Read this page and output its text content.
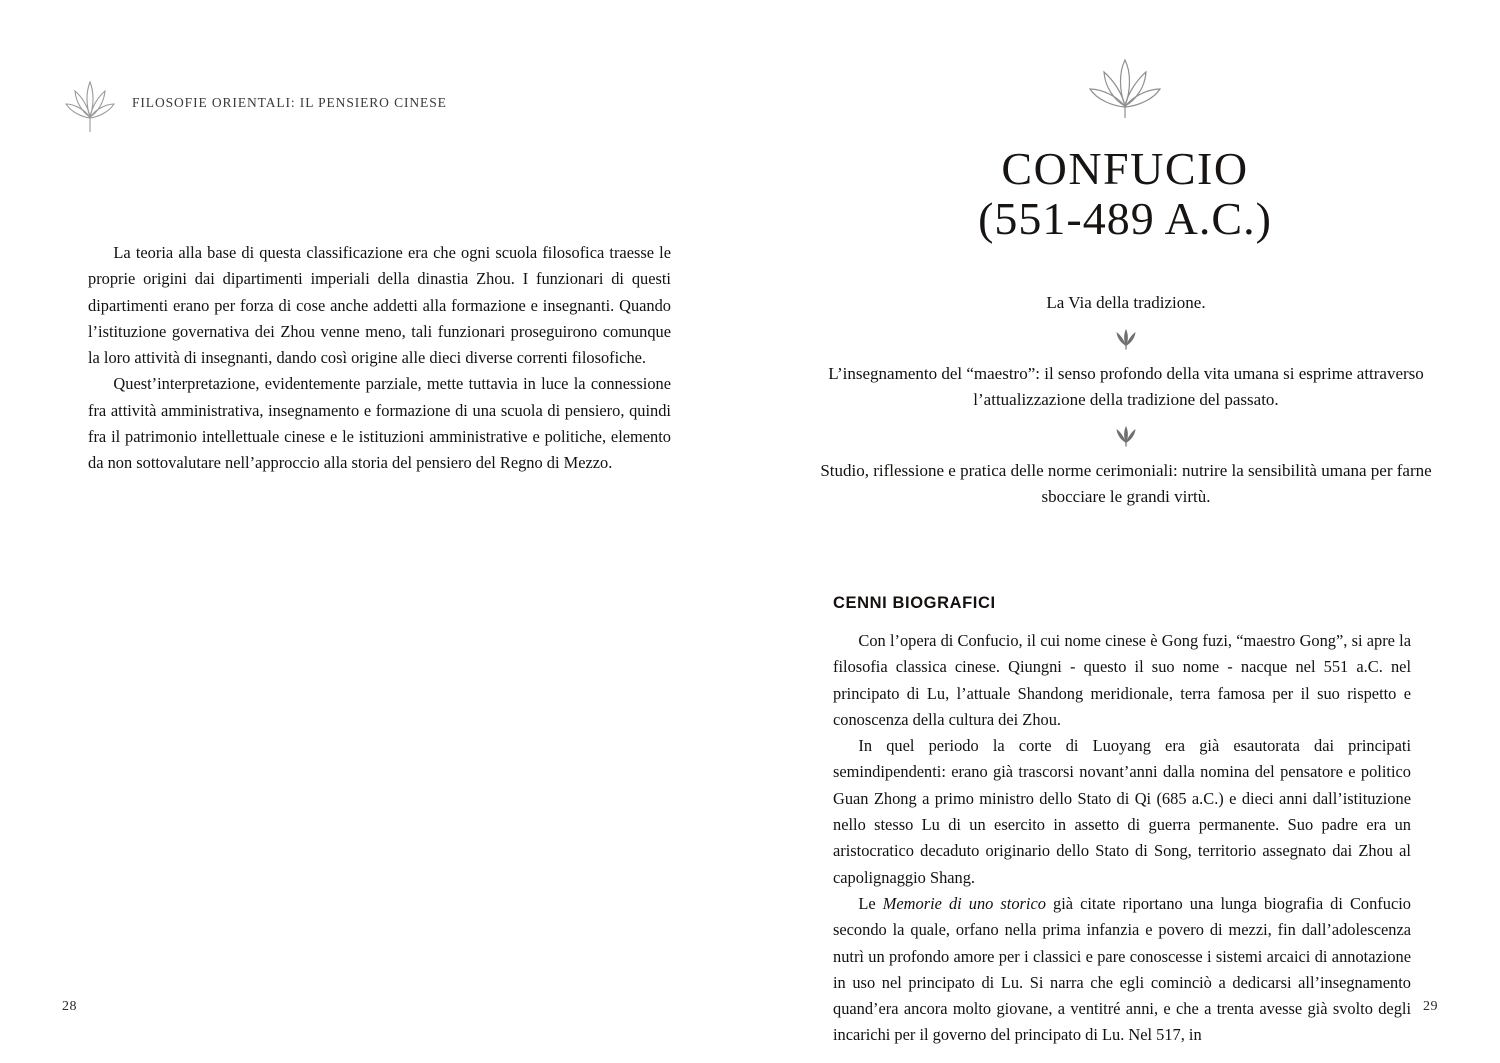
FILOSOFIE ORIENTALI: IL PENSIERO CINESE

La teoria alla base di questa classificazione era che ogni scuola filosofica traesse le proprie origini dai dipartimenti imperiali della dinastia Zhou. I funzionari di questi dipartimenti erano per forza di cose anche addetti alla formazione e insegnanti. Quando l’istituzione governativa dei Zhou venne meno, tali funzionari proseguirono comunque la loro attività di insegnanti, dando così origine alle dieci diverse correnti filosofiche.

Quest’interpretazione, evidentemente parziale, mette tuttavia in luce la connessione fra attività amministrativa, insegnamento e formazione di una scuola di pensiero, quindi fra il patrimonio intellettuale cinese e le istituzioni amministrative e politiche, elemento da non sottovalutare nell’approccio alla storia del pensiero del Regno di Mezzo.

28
CONFUCIO
(551-489 A.C.)

La Via della tradizione.

L’insegnamento del “maestro”: il senso profondo della vita umana si esprime attraverso l’attualizzazione della tradizione del passato.

Studio, riflessione e pratica delle norme cerimoniali: nutrire la sensibilità umana per farne sbocciare le grandi virtù.

CENNI BIOGRAFICI

Con l’opera di Confucio, il cui nome cinese è Gong fuzi, “maestro Gong”, si apre la filosofia classica cinese. Qiungni - questo il suo nome - nacque nel 551 a.C. nel principato di Lu, l’attuale Shandong meridionale, terra famosa per il suo rispetto e conoscenza della cultura dei Zhou.

In quel periodo la corte di Luoyang era già esautorata dai principati semindipendenti: erano già trascorsi novant’anni dalla nomina del pensatore e politico Guan Zhong a primo ministro dello Stato di Qi (685 a.C.) e dieci anni dall’istituzione nello stesso Lu di un esercito in assetto di guerra permanente. Suo padre era un aristocratico decaduto originario dello Stato di Song, territorio assegnato dai Zhou al capolignaggio Shang.

Le Memorie di uno storico già citate riportano una lunga biografia di Confucio secondo la quale, orfano nella prima infanzia e povero di mezzi, fin dall’adolescenza nutrì un profondo amore per i classici e pare conoscesse i sistemi arcaici di annotazione in uso nel principato di Lu. Si narra che egli cominciò a dedicarsi all’insegnamento quand’era ancora molto giovane, a ventitré anni, e che a trenta avesse già svolto degli incarichi per il governo del principato di Lu. Nel 517, in

29
